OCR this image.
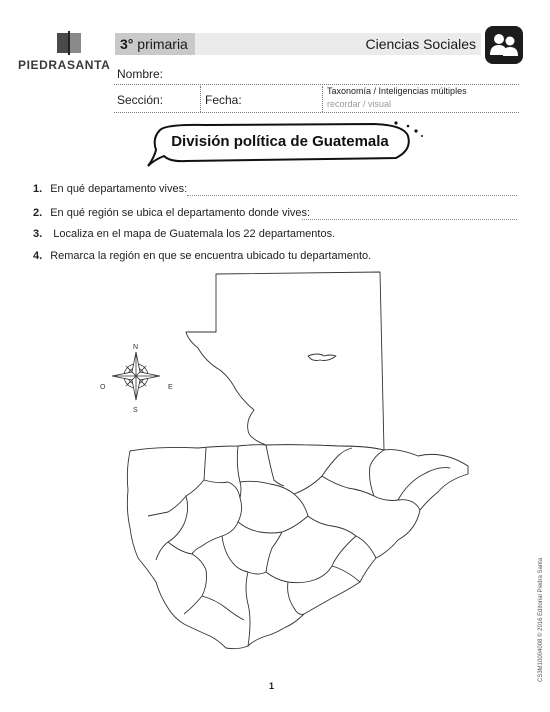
PIEDRASANTA
3° primaria	Ciencias Sociales
Nombre:
Sección:	Fecha:
Taxonomía / Inteligencias múltiples
recordar / visual
División política de Guatemala
1. En qué departamento vives:
2. En qué región se ubica el departamento donde vives:
3. Localiza en el mapa de Guatemala los 22 departamentos.
4. Remarca la región en que se encuentra ubicado tu departamento.
N
S
E
O
1
CS3M10004008 © 2016 Editorial Piedra Santa
